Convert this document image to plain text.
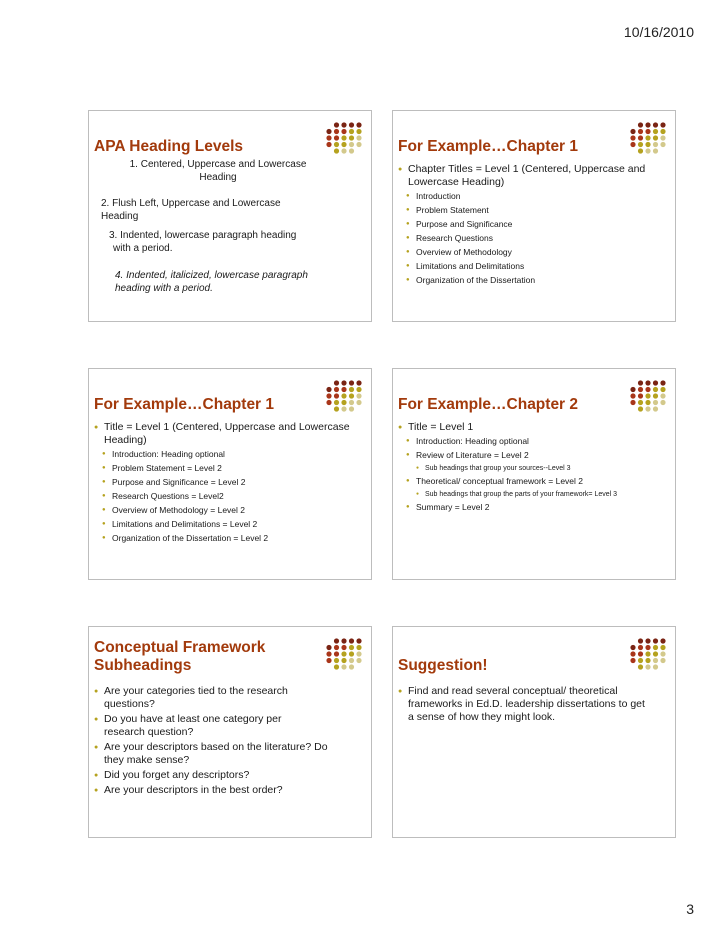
10/16/2010
APA Heading Levels
1. Centered, Uppercase and Lowercase Heading
2. Flush Left, Uppercase and Lowercase Heading
3. Indented, lowercase paragraph heading with a period.
4. Indented, italicized, lowercase paragraph heading with a period.
For Example…Chapter 1
● Chapter Titles = Level 1 (Centered, Uppercase and Lowercase Heading)
● Introduction
● Problem Statement
● Purpose and Significance
● Research Questions
● Overview of Methodology
● Limitations and Delimitations
● Organization of the Dissertation
For Example…Chapter 1
● Title = Level 1 (Centered, Uppercase and Lowercase Heading)
● Introduction: Heading optional
● Problem Statement = Level 2
● Purpose and Significance = Level 2
● Research Questions = Level2
● Overview of Methodology = Level 2
● Limitations and Delimitations = Level 2
● Organization of the Dissertation = Level 2
For Example…Chapter 2
● Title = Level 1
● Introduction: Heading optional
● Review of Literature = Level 2
● Sub headings that group your sources--Level 3
● Theoretical/ conceptual framework = Level 2
● Sub headings that group the parts of your framework= Level 3
● Summary = Level 2
Conceptual Framework Subheadings
● Are your categories tied to the research questions?
● Do you have at least one category per research question?
● Are your descriptors based on the literature? Do they make sense?
● Did you forget any descriptors?
● Are your descriptors in the best order?
Suggestion!
● Find and read several conceptual/ theoretical frameworks in Ed.D. leadership dissertations to get a sense of how they might look.
3
